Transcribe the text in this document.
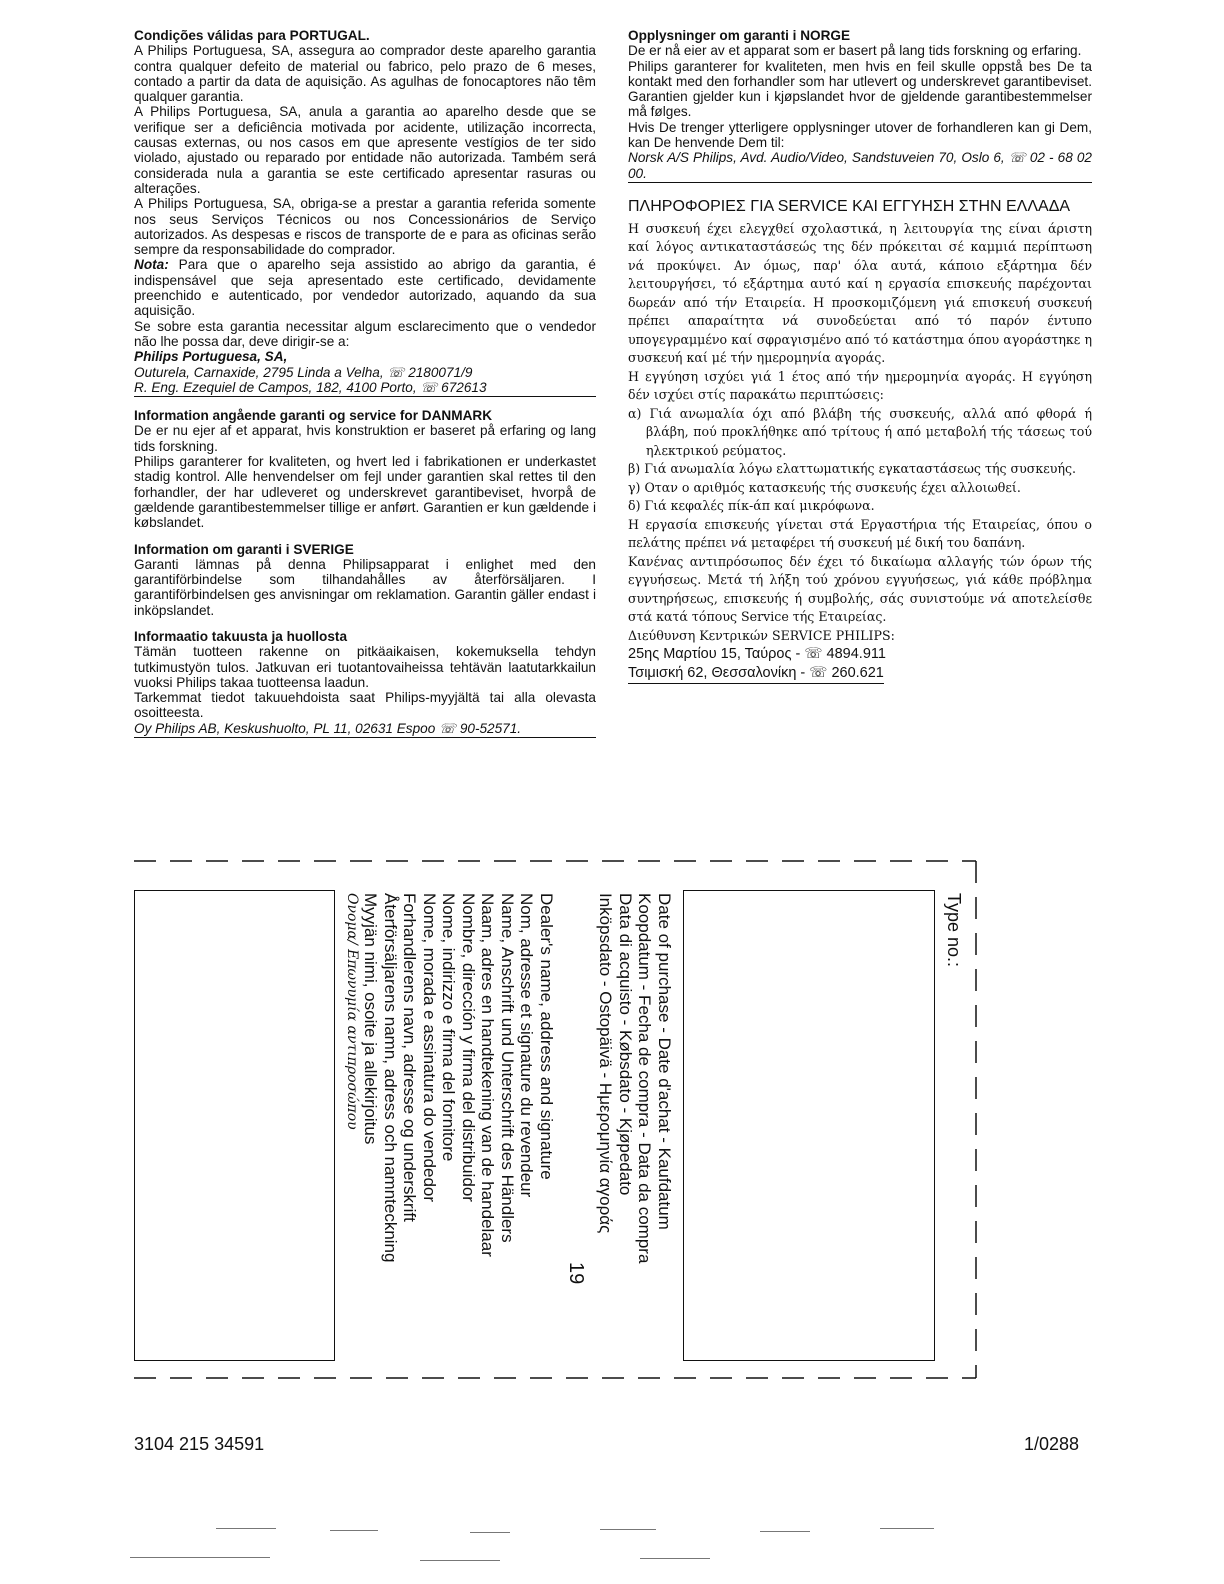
Condições válidas para PORTUGAL.

A Philips Portuguesa, SA, assegura ao comprador deste aparelho garantia contra qualquer defeito de material ou fabrico, pelo prazo de 6 meses, contado a partir da data de aquisição. As agulhas de fonocaptores não têm qualquer garantia.

A Philips Portuguesa, SA, anula a garantia ao aparelho desde que se verifique ser a deficiência motivada por acidente, utilização incorrecta, causas externas, ou nos casos em que apresente vestígios de ter sido violado, ajustado ou reparado por entidade não autorizada. Também será considerada nula a garantia se este certificado apresentar rasuras ou alterações.

A Philips Portuguesa, SA, obriga-se a prestar a garantia referida somente nos seus Serviços Técnicos ou nos Concessionários de Serviço autorizados. As despesas e riscos de transporte de e para as oficinas serão sempre da responsabilidade do comprador.

Nota: Para que o aparelho seja assistido ao abrigo da garantia, é indispensável que seja apresentado este certificado, devidamente preenchido e autenticado, por vendedor autorizado, aquando da sua aquisição.

Se sobre esta garantia necessitar algum esclarecimento que o vendedor não lhe possa dar, deve dirigir-se a:

Philips Portuguesa, SA,

Outurela, Carnaxide, 2795 Linda a Velha, ☏ 2180071/9

R. Eng. Ezequiel de Campos, 182, 4100 Porto, ☏ 672613

Information angående garanti og service for DANMARK

De er nu ejer af et apparat, hvis konstruktion er baseret på erfaring og lang tids forskning.

Philips garanterer for kvaliteten, og hvert led i fabrikationen er underkastet stadig kontrol. Alle henvendelser om fejl under garantien skal rettes til den forhandler, der har udleveret og underskrevet garantibeviset, hvorpå de gældende garantibestemmelser tillige er anført. Garantien er kun gældende i købslandet.

Information om garanti i SVERIGE

Garanti lämnas på denna Philipsapparat i enlighet med den garantiförbindelse som tilhandahålles av återförsäljaren. I garantiförbindelsen ges anvisningar om reklamation. Garantin gäller endast i inköpslandet.

Informaatio takuusta ja huollosta

Tämän tuotteen rakenne on pitkäaikaisen, kokemuksella tehdyn tutkimustyön tulos. Jatkuvan eri tuotantovaiheissa tehtävän laatutarkkailun vuoksi Philips takaa tuotteensa laadun.

Tarkemmat tiedot takuuehdoista saat Philips-myyjältä tai alla olevasta osoitteesta.

Oy Philips AB, Keskushuolto, PL 11, 02631 Espoo ☏ 90-52571.

Opplysninger om garanti i NORGE

De er nå eier av et apparat som er basert på lang tids forskning og erfaring.

Philips garanterer for kvaliteten, men hvis en feil skulle oppstå bes De ta kontakt med den forhandler som har utlevert og underskrevet garantibeviset. Garantien gjelder kun i kjøpslandet hvor de gjeldende garantibestemmelser må følges.

Hvis De trenger ytterligere opplysninger utover de forhandleren kan gi Dem, kan De henvende Dem til:

Norsk A/S Philips, Avd. Audio/Video, Sandstuveien 70, Oslo 6, ☏ 02 - 68 02 00.

ΠΛΗΡΟΦΟΡΙΕΣ ΓΙΑ SERVICE ΚΑΙ ΕΓΓΥΗΣΗ ΣΤΗΝ ΕΛΛΑΔΑ

Η συσκευή έχει ελεγχθεί σχολαστικά, η λειτουργία της είναι άριστη καί λόγος αντικαταστάσεώς της δέν πρόκειται σέ καμμιά περίπτωση νά προκύψει. Αν όμως, παρ' όλα αυτά, κάποιο εξάρτημα δέν λειτουργήσει, τό εξάρτημα αυτό καί η εργασία επισκευής παρέχονται δωρεάν από τήν Εταιρεία. Η προσκομιζόμενη γιά επισκευή συσκευή πρέπει απαραίτητα νά συνοδεύεται από τό παρόν έντυπο υπογεγραμμένο καί σφραγισμένο από τό κατάστημα όπου αγοράστηκε η συσκευή καί μέ τήν ημερομηνία αγοράς.

Η εγγύηση ισχύει γιά 1 έτος από τήν ημερομηνία αγοράς. Η εγγύηση δέν ισχύει στίς παρακάτω περιπτώσεις:

α) Γιά ανωμαλία όχι από βλάβη τής συσκευής, αλλά από φθορά ή βλάβη, πού προκλήθηκε από τρίτους ή από μεταβολή τής τάσεως τού ηλεκτρικού ρεύματος.

β) Γιά ανωμαλία λόγω ελαττωματικής εγκαταστάσεως τής συσκευής.

γ) Οταν ο αριθμός κατασκευής τής συσκευής έχει αλλοιωθεί.

δ) Γιά κεφαλές πίκ-άπ καί μικρόφωνα.

Η εργασία επισκευής γίνεται στά Εργαστήρια τής Εταιρείας, όπου ο πελάτης πρέπει νά μεταφέρει τή συσκευή μέ δική του δαπάνη.

Κανένας αντιπρόσωπος δέν έχει τό δικαίωμα αλλαγής τών όρων τής εγγυήσεως. Μετά τή λήξη τού χρόνου εγγυήσεως, γιά κάθε πρόβλημα συντηρήσεως, επισκευής ή συμβολής, σάς συνιστούμε νά αποτελείσθε στά κατά τόπους Service τής Εταιρείας.

Διεύθυνση Κεντρικών SERVICE PHILIPS:

25ης Μαρτίου 15, Ταύρος - ☏ 4894.911

Τσιμισκή 62, Θεσσαλονίκη - ☏ 260.621

Type no.:
Date of purchase - Date d'achat - Kaufdatum
Koopdatum - Fecha de compra - Data da compra
Data di acquisto - Købsdato - Kjøpedato
Inköpsdato - Ostopäivä - Ημερομηνία αγοράς
19
Dealer's name, address and signature
Nom, adresse et signature du revendeur
Name, Anschrift und Unterschrift des Händlers
Naam, adres en handtekening van de handelaar
Nombre, dirección y firma del distribuidor
Nome, indirizzo e firma del fornitore
Nome, morada e assinatura do vendedor
Forhandlerens navn, adresse og underskrift
Återförsäljarens namn, adress och namnteckning
Myyjän nimi, osoite ja allekirjoitus
Ονομα/ Επωνυμία αντιπροσώπου
3104 215 34591	1/0288
